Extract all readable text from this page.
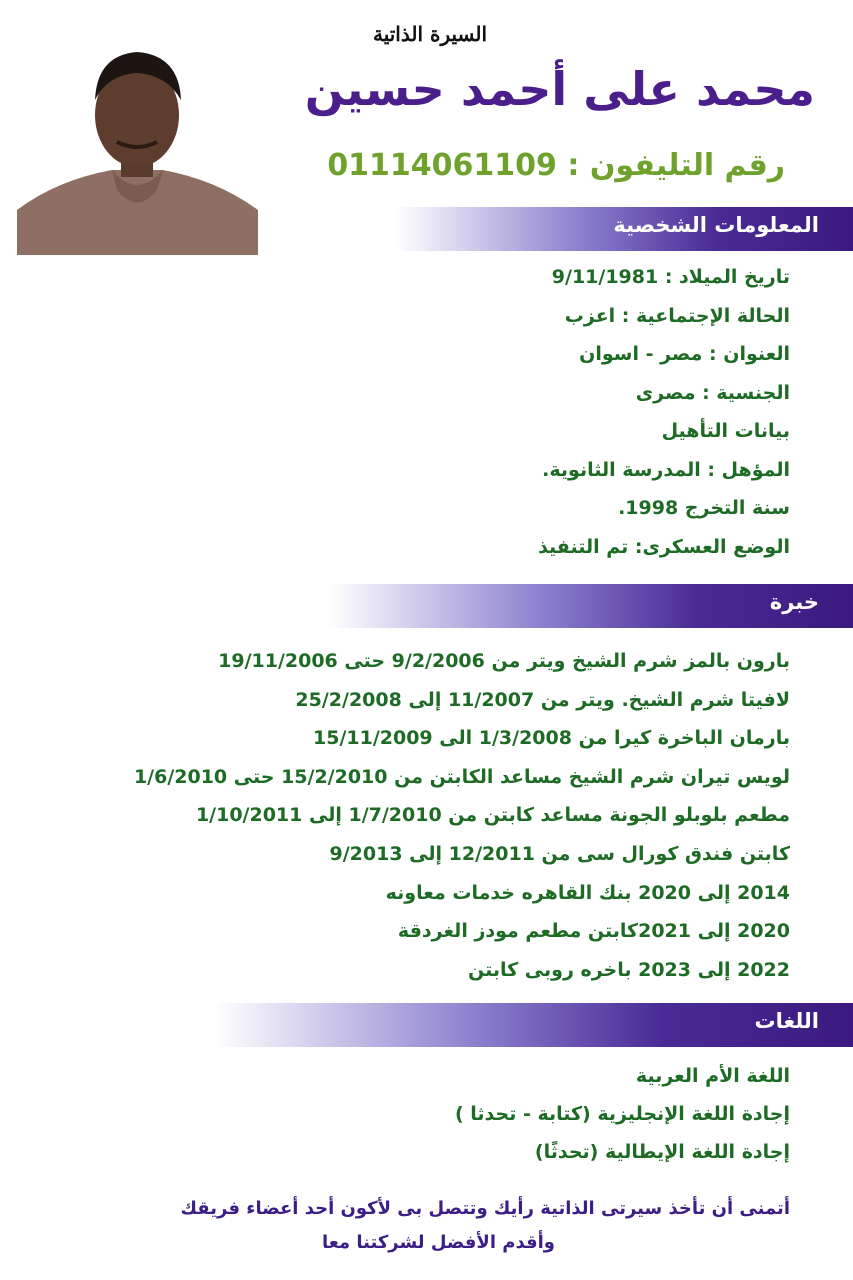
السيرة الذاتية
محمد على أحمد حسين
رقم التليفون : 01114061109
المعلومات الشخصية
تاريخ الميلاد : 9/11/1981
الحالة الإجتماعية : اعزب
العنوان : مصر - اسوان
الجنسية : مصرى
بيانات التأهيل
المؤهل : المدرسة الثانوية.
سنة التخرج 1998.
الوضع العسكرى: تم التنفيذ
خبرة
بارون بالمز شرم الشيخ ويتر من 9/2/2006 حتى 19/11/2006
لافيتا شرم الشيخ. ويتر من 11/2007 إلى 25/2/2008
بارمان الباخرة كيرا من 1/3/2008 الى 15/11/2009
لويس تيران شرم الشيخ مساعد الكابتن من 15/2/2010 حتى 1/6/2010
مطعم بلوبلو الجونة مساعد كابتن من 1/7/2010 إلى 1/10/2011
كابتن فندق كورال سى من 12/2011 إلى 9/2013
2014 إلى 2020 بنك القاهره خدمات معاونه
2020 إلى 2021كابتن مطعم مودز الغردقة
2022 إلى 2023 باخره روبى كابتن
اللغات
اللغة الأم العربية
إجادة اللغة الإنجليزية (كتابة - تحدثا )
إجادة اللغة الإيطالية (تحدثًا)
أتمنى أن تأخذ سيرتى الذاتية رأيك وتتصل بى لأكون أحد أعضاء فريقك
وأقدم الأفضل لشركتنا معا
